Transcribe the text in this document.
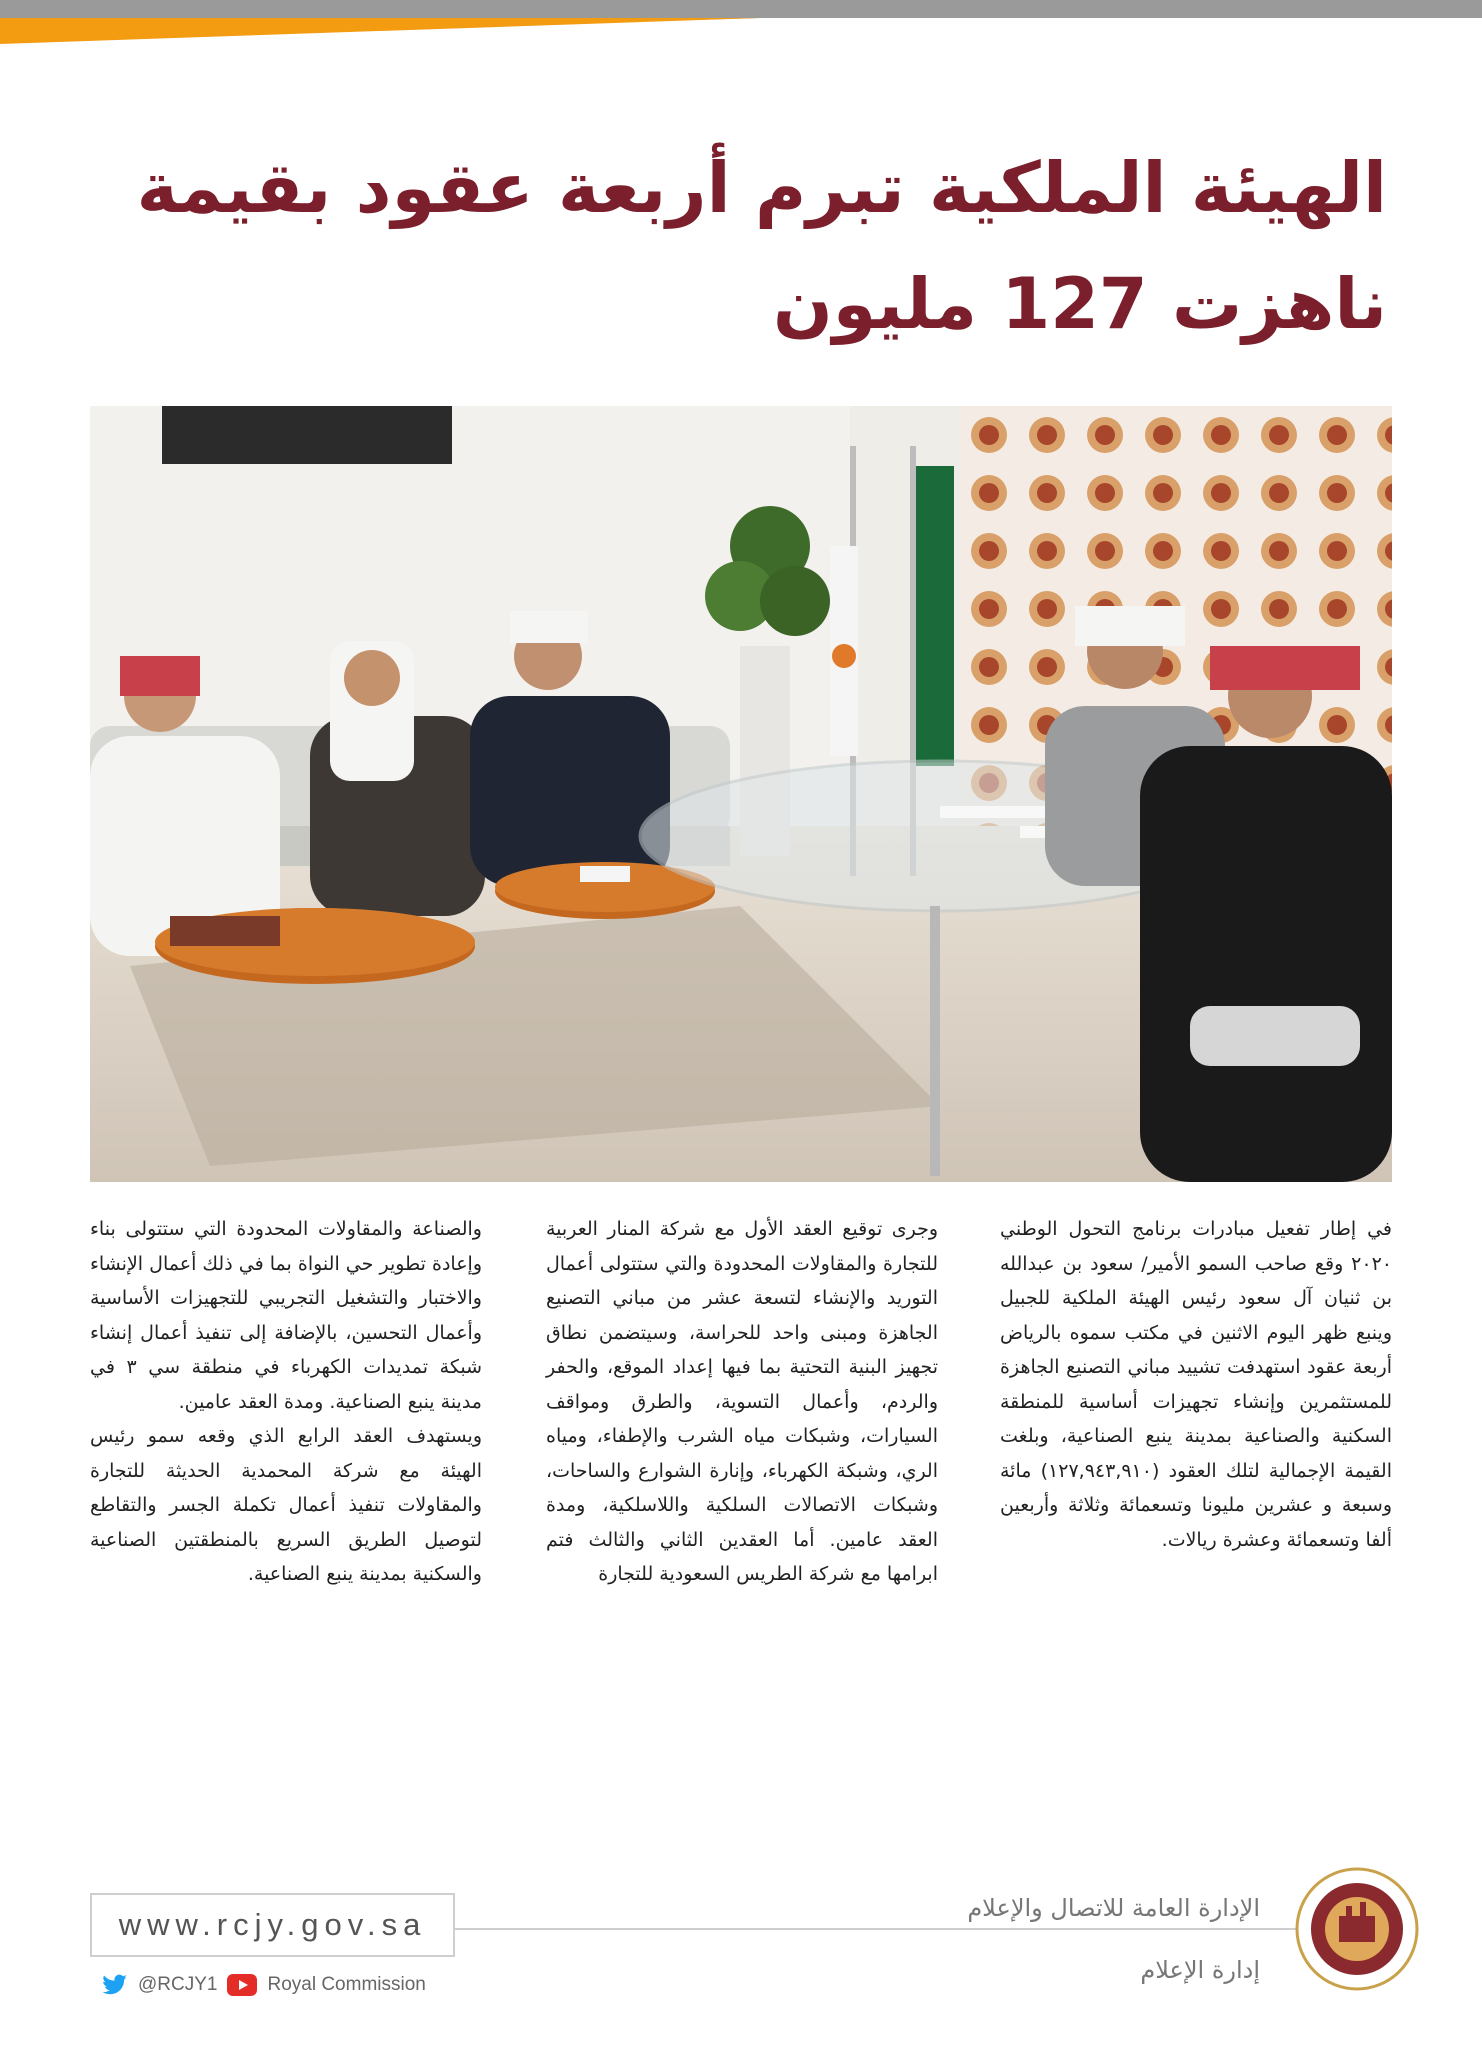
الهيئة الملكية تبرم أربعة عقود بقيمة
ناهزت 127 مليون

في إطار تفعيل مبادرات برنامج التحول الوطني ٢٠٢٠ وقع صاحب السمو الأمير/ سعود بن عبدالله بن ثنيان آل سعود رئيس الهيئة الملكية للجبيل وينبع ظهر اليوم الاثنين في مكتب سموه بالرياض أربعة عقود استهدفت تشييد مباني التصنيع الجاهزة للمستثمرين وإنشاء تجهيزات أساسية للمنطقة السكنية والصناعية بمدينة ينبع الصناعية، وبلغت القيمة الإجمالية لتلك العقود (١٢٧,٩٤٣,٩١٠) مائة وسبعة و عشرين مليونا وتسعمائة وثلاثة وأربعين ألفا وتسعمائة وعشرة ريالات.

وجرى توقيع العقد الأول مع شركة المنار العربية للتجارة والمقاولات المحدودة والتي ستتولى أعمال التوريد والإنشاء لتسعة عشر من مباني التصنيع الجاهزة ومبنى واحد للحراسة، وسيتضمن نطاق تجهيز البنية التحتية بما فيها إعداد الموقع، والحفر والردم، وأعمال التسوية، والطرق ومواقف السيارات، وشبكات مياه الشرب والإطفاء، ومياه الري، وشبكة الكهرباء، وإنارة الشوارع والساحات، وشبكات الاتصالات السلكية واللاسلكية، ومدة العقد عامين. أما العقدين الثاني والثالث فتم ابرامها مع شركة الطريس السعودية للتجارة

والصناعة والمقاولات المحدودة التي ستتولى بناء وإعادة تطوير حي النواة بما في ذلك أعمال الإنشاء والاختبار والتشغيل التجريبي للتجهيزات الأساسية وأعمال التحسين، بالإضافة إلى تنفيذ أعمال إنشاء شبكة تمديدات الكهرباء في منطقة سي ٣ في مدينة ينبع الصناعية. ومدة العقد عامين.

ويستهدف العقد الرابع الذي وقعه سمو رئيس الهيئة مع شركة المحمدية الحديثة للتجارة والمقاولات تنفيذ أعمال تكملة الجسر والتقاطع لتوصيل الطريق السريع بالمنطقتين الصناعية والسكنية بمدينة ينبع الصناعية.

www.rcjy.gov.sa
@RCJY1	Royal Commission
الإدارة العامة للاتصال والإعلام
إدارة الإعلام
